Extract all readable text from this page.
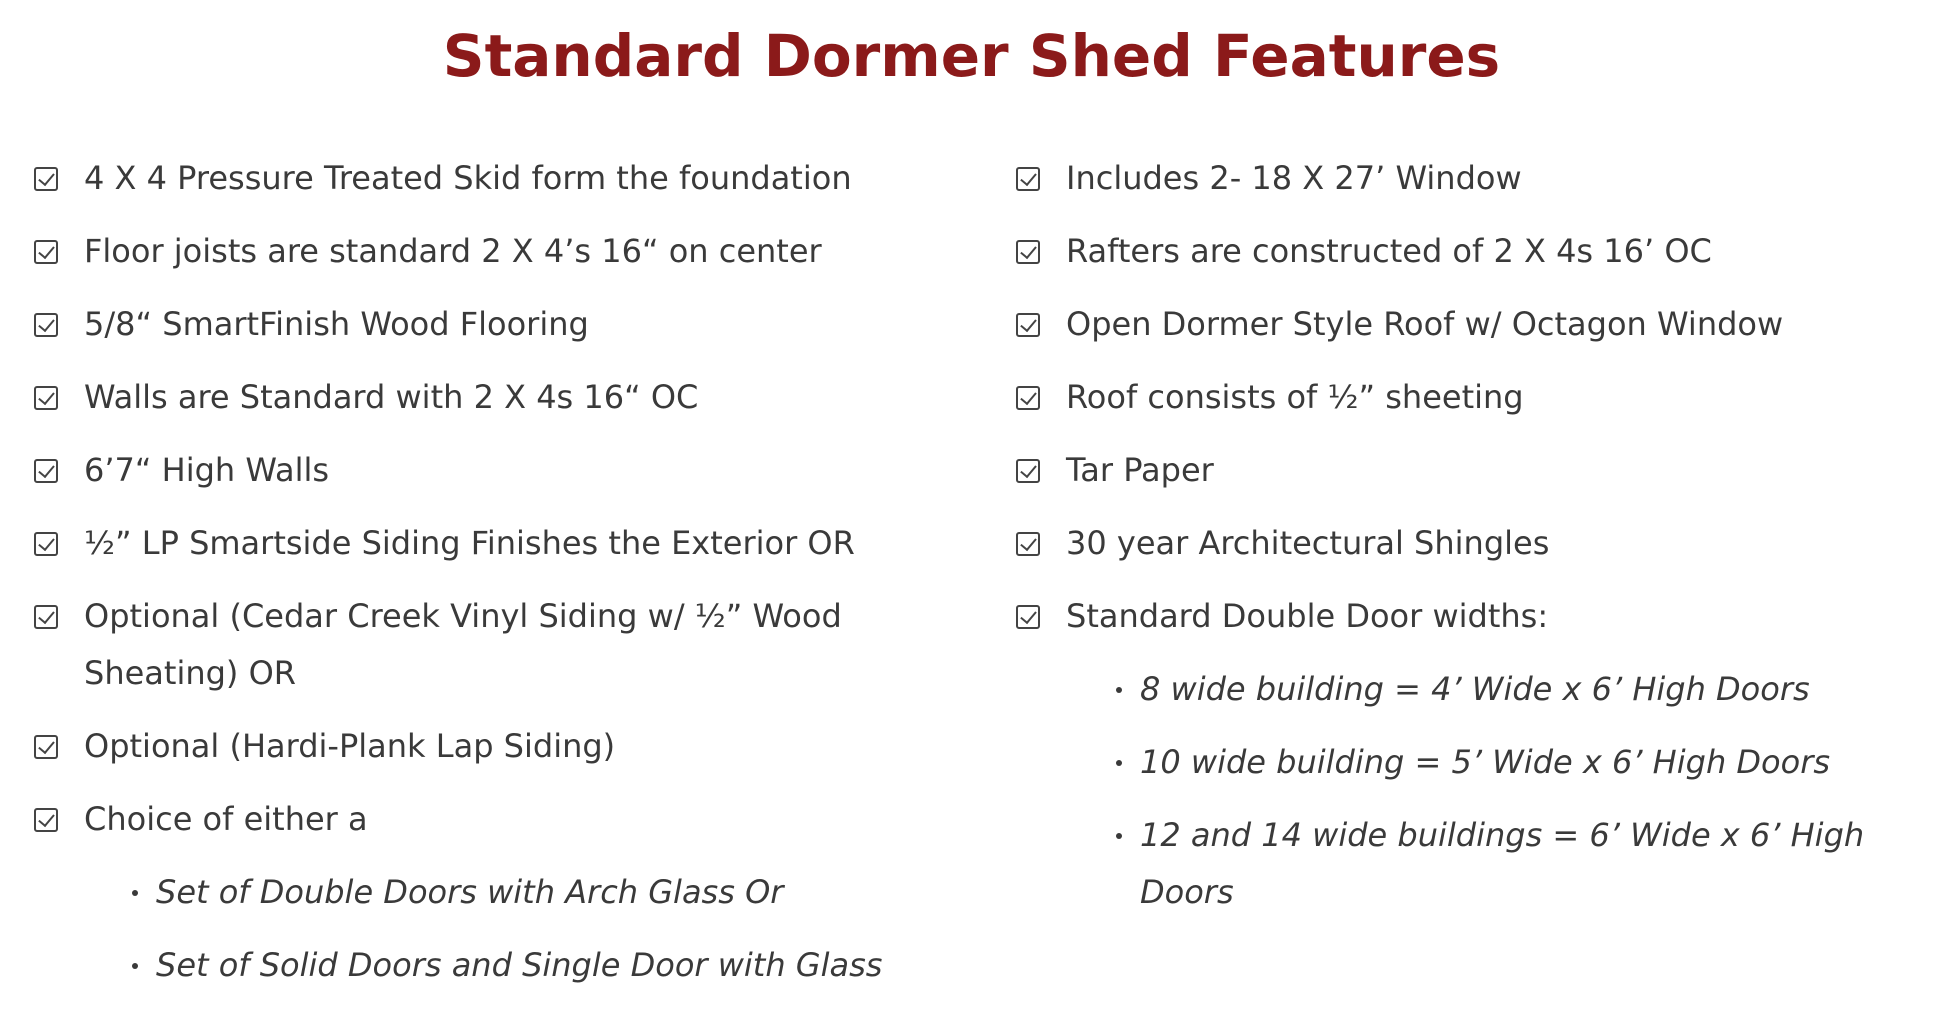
Standard Dormer Shed Features
4 X 4 Pressure Treated Skid form the foundation
Floor joists are standard 2 X 4’s 16“ on center
5/8“ SmartFinish Wood Flooring
Walls are Standard with 2 X 4s 16“ OC
6’7“ High Walls
½” LP Smartside Siding Finishes the Exterior OR
Optional (Cedar Creek Vinyl Siding w/ ½” Wood Sheating) OR
Optional (Hardi-Plank Lap Siding)
Choice of either a
Set of Double Doors with Arch Glass Or
Set of Solid Doors and Single Door with Glass
Includes 2- 18 X 27’ Window
Rafters are constructed of 2 X 4s 16’ OC
Open Dormer Style Roof w/ Octagon Window
Roof consists of ½” sheeting
Tar Paper
30 year Architectural Shingles
Standard Double Door widths:
8 wide building = 4’ Wide x 6’ High Doors
10 wide building = 5’ Wide x 6’ High Doors
12 and 14 wide buildings = 6’ Wide x 6’ High Doors
